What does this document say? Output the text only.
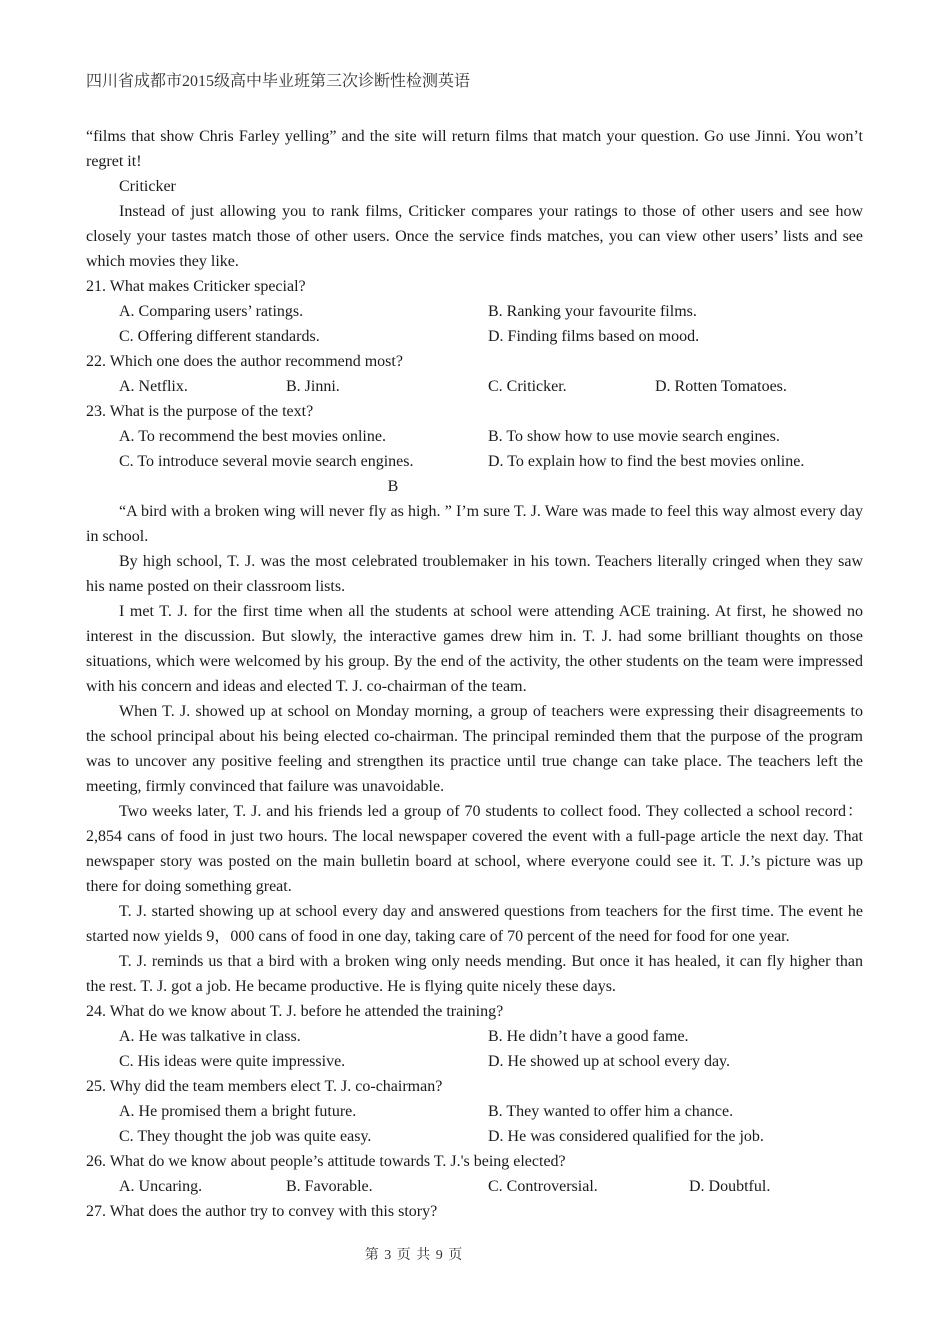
四川省成都市2015级高中毕业班第三次诊断性检测英语

“films that show Chris Farley yelling” and the site will return films that match your question. Go use Jinni. You won’t regret it!

Criticker

Instead of just allowing you to rank films, Criticker compares your ratings to those of other users and see how closely your tastes match those of other users. Once the service finds matches, you can view other users’ lists and see which movies they like.

21. What makes Criticker special?

A. Comparing users’ ratings.	B. Ranking your favourite films.
C. Offering different standards.	D. Finding films based on mood.

22. Which one does the author recommend most?

A. Netflix.	B. Jinni.	C. Criticker.	D. Rotten Tomatoes.

23. What is the purpose of the text?

A. To recommend the best movies online.	B. To show how to use movie search engines.
C. To introduce several movie search engines.	D. To explain how to find the best movies online.

B

“A bird with a broken wing will never fly as high. ” I’m sure T. J. Ware was made to feel this way almost every day in school.

By high school, T. J. was the most celebrated troublemaker in his town. Teachers literally cringed when they saw his name posted on their classroom lists.

I met T. J. for the first time when all the students at school were attending ACE training. At first, he showed no interest in the discussion. But slowly, the interactive games drew him in. T. J. had some brilliant thoughts on those situations, which were welcomed by his group. By the end of the activity, the other students on the team were impressed with his concern and ideas and elected T. J. co-chairman of the team.

When T. J. showed up at school on Monday morning, a group of teachers were expressing their disagreements to the school principal about his being elected co-chairman. The principal reminded them that the purpose of the program was to uncover any positive feeling and strengthen its practice until true change can take place. The teachers left the meeting, firmly convinced that failure was unavoidable.

Two weeks later, T. J. and his friends led a group of 70 students to collect food. They collected a school record：2,854 cans of food in just two hours. The local newspaper covered the event with a full-page article the next day. That newspaper story was posted on the main bulletin board at school, where everyone could see it. T. J.’s picture was up there for doing something great.

T. J. started showing up at school every day and answered questions from teachers for the first time. The event he started now yields 9，000 cans of food in one day, taking care of 70 percent of the need for food for one year.

T. J. reminds us that a bird with a broken wing only needs mending. But once it has healed, it can fly higher than the rest. T. J. got a job. He became productive. He is flying quite nicely these days.

24. What do we know about T. J. before he attended the training?

A. He was talkative in class.	B. He didn’t have a good fame.
C. His ideas were quite impressive.	D. He showed up at school every day.

25. Why did the team members elect T. J. co-chairman?

A. He promised them a bright future.	B. They wanted to offer him a chance.
C. They thought the job was quite easy.	D. He was considered qualified for the job.

26. What do we know about people’s attitude towards T. J.'s being elected?

A. Uncaring.	B. Favorable.	C. Controversial.	D. Doubtful.

27. What does the author try to convey with this story?

第 3 页 共 9 页
